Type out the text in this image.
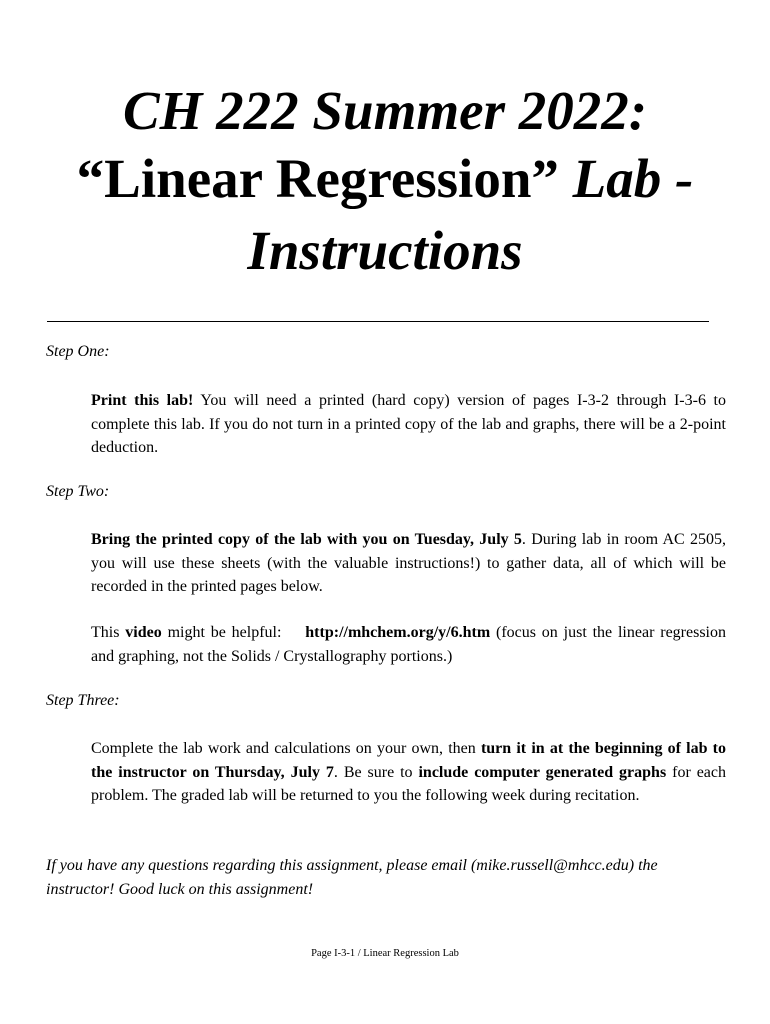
CH 222 Summer 2022:
“Linear Regression” Lab -
Instructions

Step One:

Print this lab! You will need a printed (hard copy) version of pages I-3-2 through I-3-6 to complete this lab. If you do not turn in a printed copy of the lab and graphs, there will be a 2-point deduction.

Step Two:

Bring the printed copy of the lab with you on Tuesday, July 5. During lab in room AC 2505, you will use these sheets (with the valuable instructions!) to gather data, all of which will be recorded in the printed pages below.

This video might be helpful: http://mhchem.org/y/6.htm (focus on just the linear regression and graphing, not the Solids / Crystallography portions.)

Step Three:

Complete the lab work and calculations on your own, then turn it in at the beginning of lab to the instructor on Thursday, July 7. Be sure to include computer generated graphs for each problem. The graded lab will be returned to you the following week during recitation.

If you have any questions regarding this assignment, please email (mike.russell@mhcc.edu) the instructor! Good luck on this assignment!

Page I-3-1 / Linear Regression Lab
